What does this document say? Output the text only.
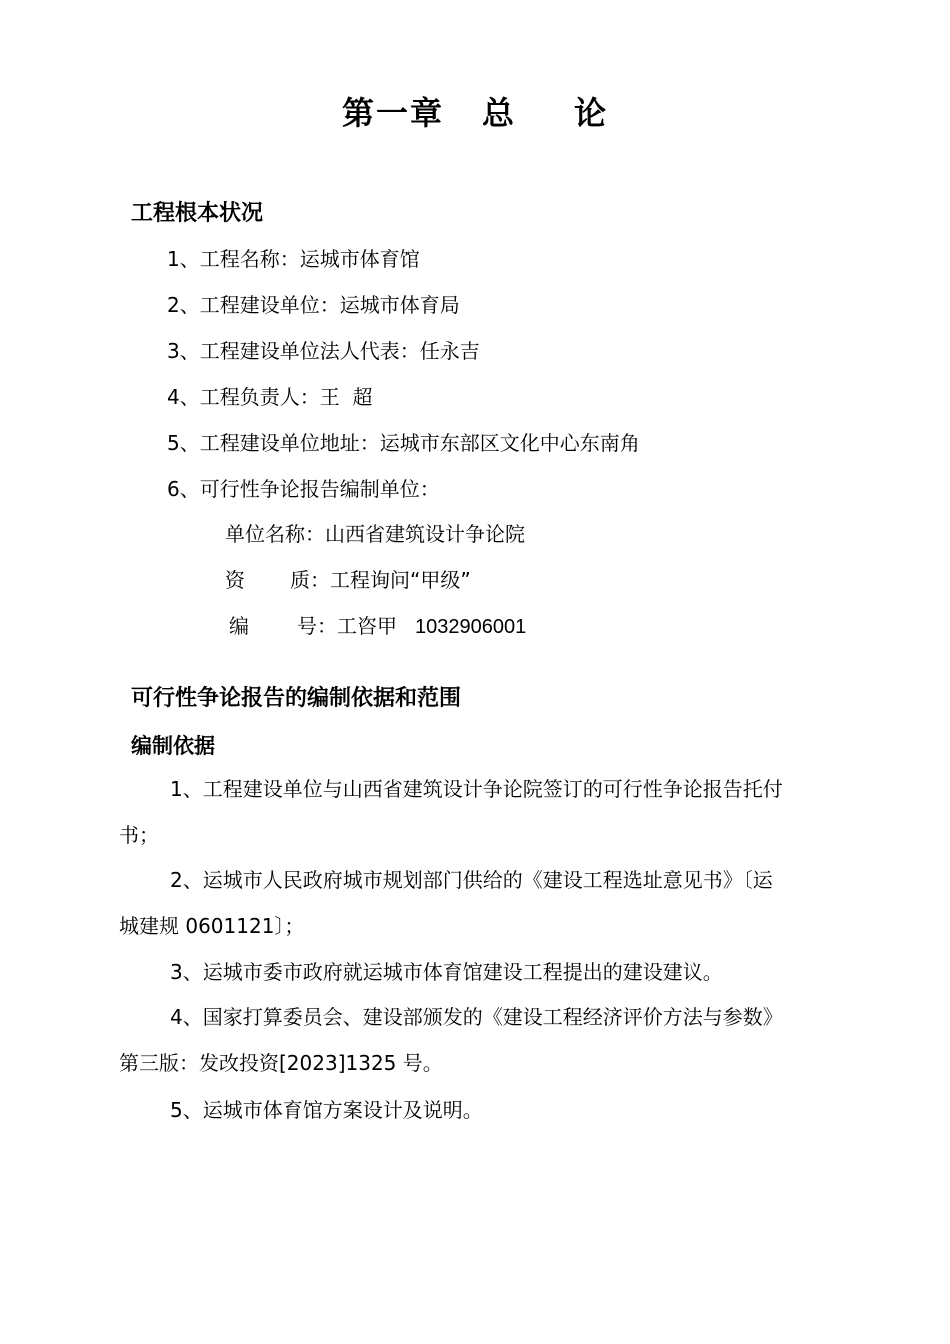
第一章 总 论
工程根本状况
1、工程名称：运城市体育馆
2、工程建设单位：运城市体育局
3、工程建设单位法人代表：任永吉
4、工程负责人：王  超
5、工程建设单位地址：运城市东部区文化中心东南角
6、可行性争论报告编制单位：
单位名称：山西省建筑设计争论院
资 质：工程询问“甲级”
编 号：工咨甲 1032906001
可行性争论报告的编制依据和范围
编制依据
1、工程建设单位与山西省建筑设计争论院签订的可行性争论报告托付
书；
2、运城市人民政府城市规划部门供给的《建设工程选址意见书》〔运
城建规 0601121〕；
3、运城市委市政府就运城市体育馆建设工程提出的建设建议。
4、国家打算委员会、建设部颁发的《建设工程经济评价方法与参数》
第三版：发改投资[2023]1325 号。
5、运城市体育馆方案设计及说明。
